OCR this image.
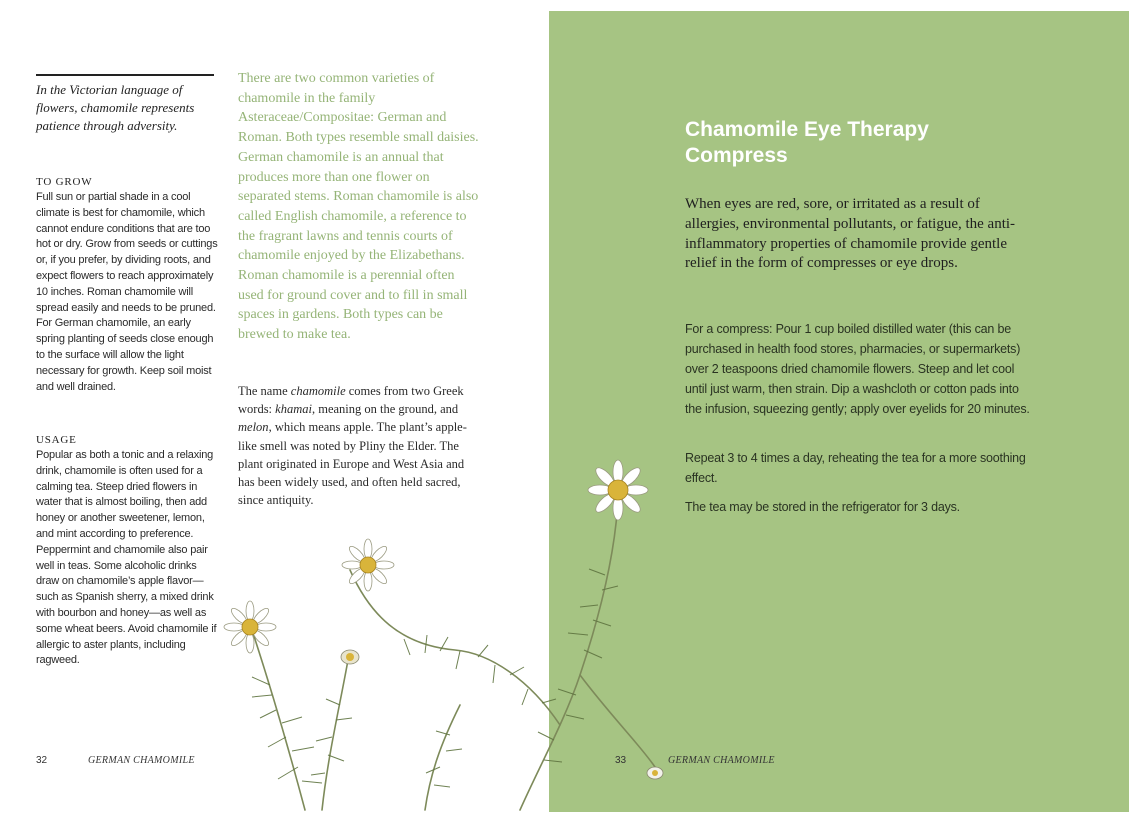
In the Victorian language of flowers, chamomile represents patience through adversity.
TO GROW
Full sun or partial shade in a cool climate is best for chamomile, which cannot endure conditions that are too hot or dry. Grow from seeds or cuttings or, if you prefer, by dividing roots, and expect flowers to reach approximately 10 inches. Roman chamomile will spread easily and needs to be pruned. For German chamomile, an early spring planting of seeds close enough to the surface will allow the light necessary for growth. Keep soil moist and well drained.
USAGE
Popular as both a tonic and a relaxing drink, chamomile is often used for a calming tea. Steep dried flowers in water that is almost boiling, then add honey or another sweetener, lemon, and mint according to preference. Peppermint and chamomile also pair well in teas. Some alcoholic drinks draw on chamomile’s apple flavor—such as Spanish sherry, a mixed drink with bourbon and honey—as well as some wheat beers. Avoid chamomile if allergic to aster plants, including ragweed.
There are two common varieties of chamomile in the family Asteraceae/Compositae: German and Roman. Both types resemble small daisies. German chamomile is an annual that produces more than one flower on separated stems. Roman chamomile is also called English chamomile, a reference to the fragrant lawns and tennis courts of chamomile enjoyed by the Elizabethans. Roman chamomile is a perennial often used for ground cover and to fill in small spaces in gardens. Both types can be brewed to make tea.
The name chamomile comes from two Greek words: khamai, meaning on the ground, and melon, which means apple. The plant’s apple-like smell was noted by Pliny the Elder. The plant originated in Europe and West Asia and has been widely used, and often held sacred, since antiquity.
32	GERMAN CHAMOMILE
Chamomile Eye Therapy Compress
When eyes are red, sore, or irritated as a result of allergies, environmental pollutants, or fatigue, the anti-inflammatory properties of chamomile provide gentle relief in the form of compresses or eye drops.
For a compress: Pour 1 cup boiled distilled water (this can be purchased in health food stores, pharmacies, or supermarkets) over 2 teaspoons dried chamomile flowers. Steep and let cool until just warm, then strain. Dip a washcloth or cotton pads into the infusion, squeezing gently; apply over eyelids for 20 minutes.
Repeat 3 to 4 times a day, reheating the tea for a more soothing effect.
The tea may be stored in the refrigerator for 3 days.
33	GERMAN CHAMOMILE
